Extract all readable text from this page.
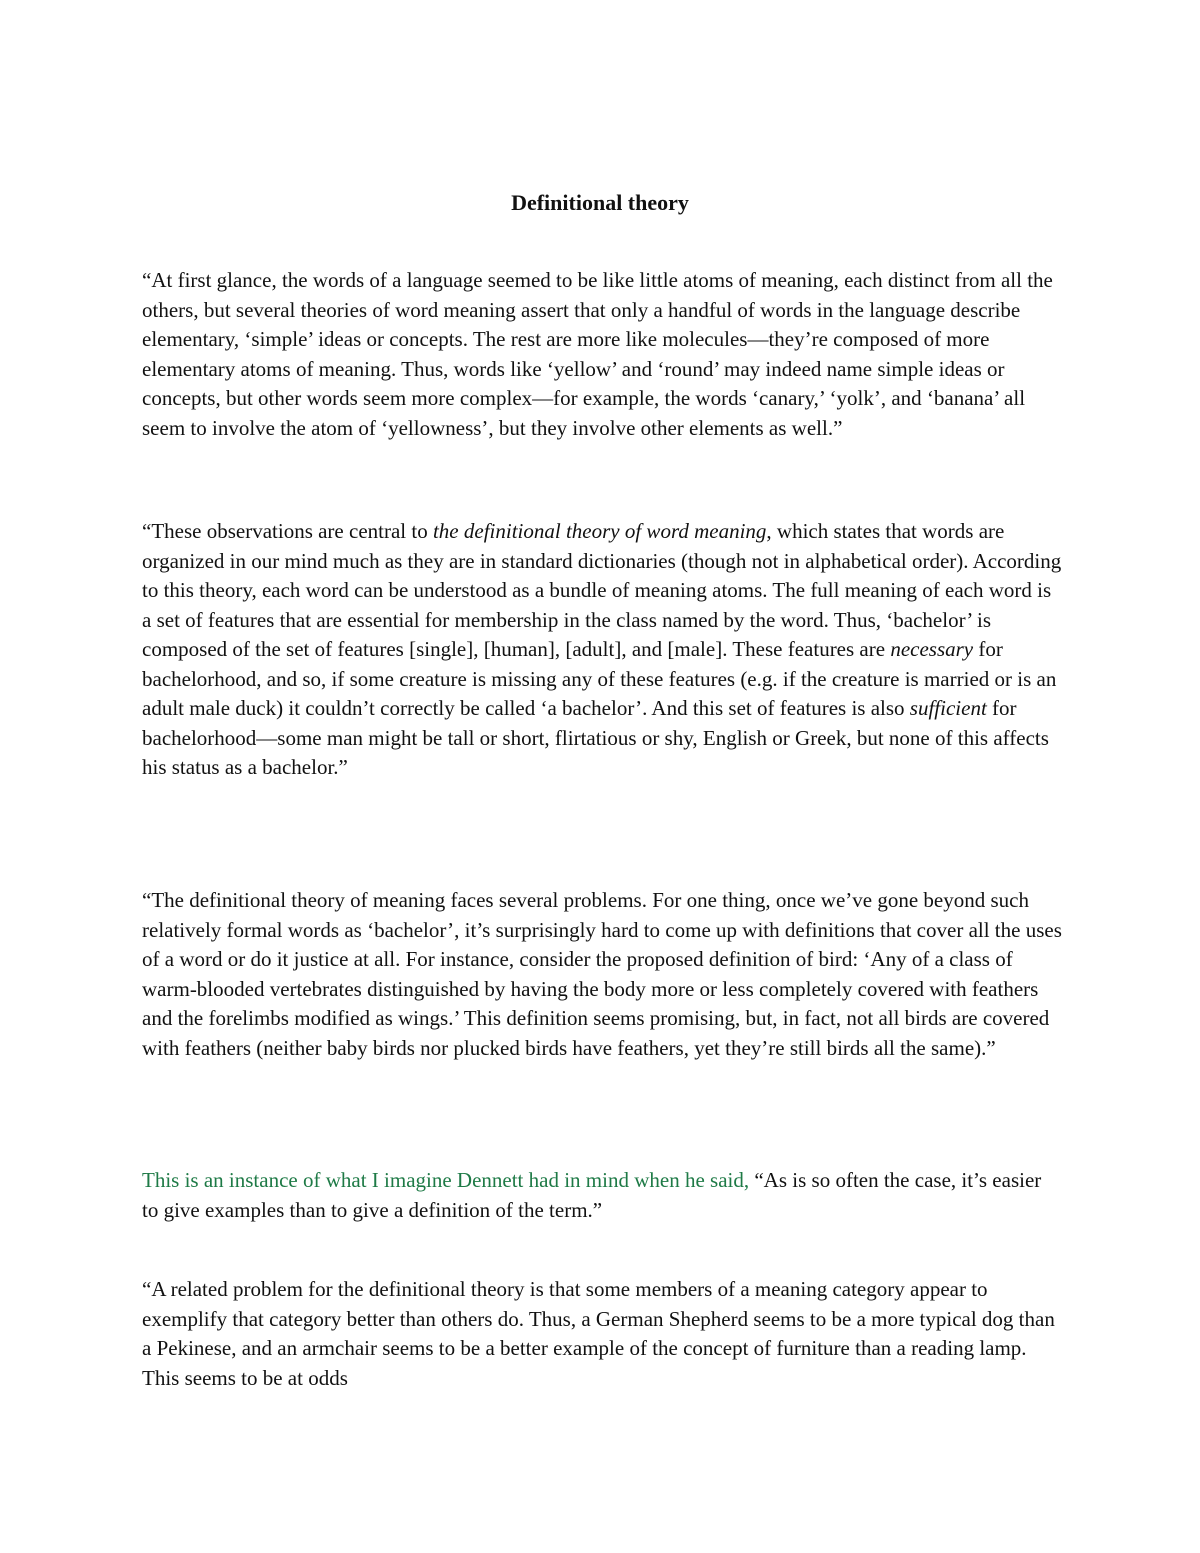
Definitional theory

“At first glance, the words of a language seemed to be like little atoms of meaning, each distinct from all the others, but several theories of word meaning assert that only a handful of words in the language describe elementary, ‘simple’ ideas or concepts. The rest are more like molecules—they’re composed of more elementary atoms of meaning. Thus, words like ‘yellow’ and ‘round’ may indeed name simple ideas or concepts, but other words seem more complex—for example, the words ‘canary,’ ‘yolk’, and ‘banana’ all seem to involve the atom of ‘yellowness’, but they involve other elements as well.”

“These observations are central to the definitional theory of word meaning, which states that words are organized in our mind much as they are in standard dictionaries (though not in alphabetical order). According to this theory, each word can be understood as a bundle of meaning atoms. The full meaning of each word is a set of features that are essential for membership in the class named by the word. Thus, ‘bachelor’ is composed of the set of features [single], [human], [adult], and [male]. These features are necessary for bachelorhood, and so, if some creature is missing any of these features (e.g. if the creature is married or is an adult male duck) it couldn’t correctly be called ‘a bachelor’. And this set of features is also sufficient for bachelorhood—some man might be tall or short, flirtatious or shy, English or Greek, but none of this affects his status as a bachelor.”

“The definitional theory of meaning faces several problems. For one thing, once we’ve gone beyond such relatively formal words as ‘bachelor’, it’s surprisingly hard to come up with definitions that cover all the uses of a word or do it justice at all. For instance, consider the proposed definition of bird: ‘Any of a class of warm-blooded vertebrates distinguished by having the body more or less completely covered with feathers and the forelimbs modified as wings.’ This definition seems promising, but, in fact, not all birds are covered with feathers (neither baby birds nor plucked birds have feathers, yet they’re still birds all the same).”

This is an instance of what I imagine Dennett had in mind when he said, “As is so often the case, it’s easier to give examples than to give a definition of the term.”

“A related problem for the definitional theory is that some members of a meaning category appear to exemplify that category better than others do. Thus, a German Shepherd seems to be a more typical dog than a Pekinese, and an armchair seems to be a better example of the concept of furniture than a reading lamp. This seems to be at odds
